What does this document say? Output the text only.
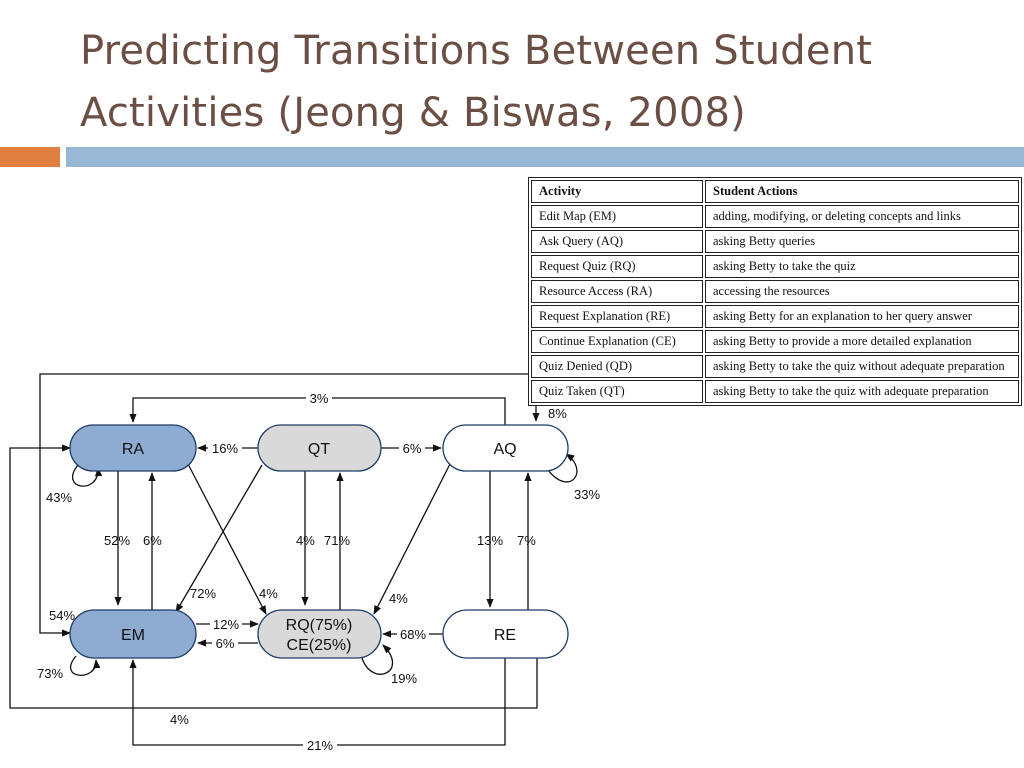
Predicting Transitions Between Student
Activities (Jeong & Biswas, 2008)
RA	QT	AQ
EM
RQ(75%)
CE(25%)
RE
3%
8%
16%	6%
43%	33%
52% 6%	4% 71%	13% 7%
72%	4%	4%
54%
12%
6%
68%
73%	19%
4%
21%
Activity	Student Actions
Edit Map (EM)	adding, modifying, or deleting concepts and links
Ask Query (AQ)	asking Betty queries
Request Quiz (RQ)	asking Betty to take the quiz
Resource Access (RA)	accessing the resources
Request Explanation (RE)	asking Betty for an explanation to her query answer
Continue Explanation (CE)	asking Betty to provide a more detailed explanation
Quiz Denied (QD)	asking Betty to take the quiz without adequate preparation
Quiz Taken (QT)	asking Betty to take the quiz with adequate preparation
